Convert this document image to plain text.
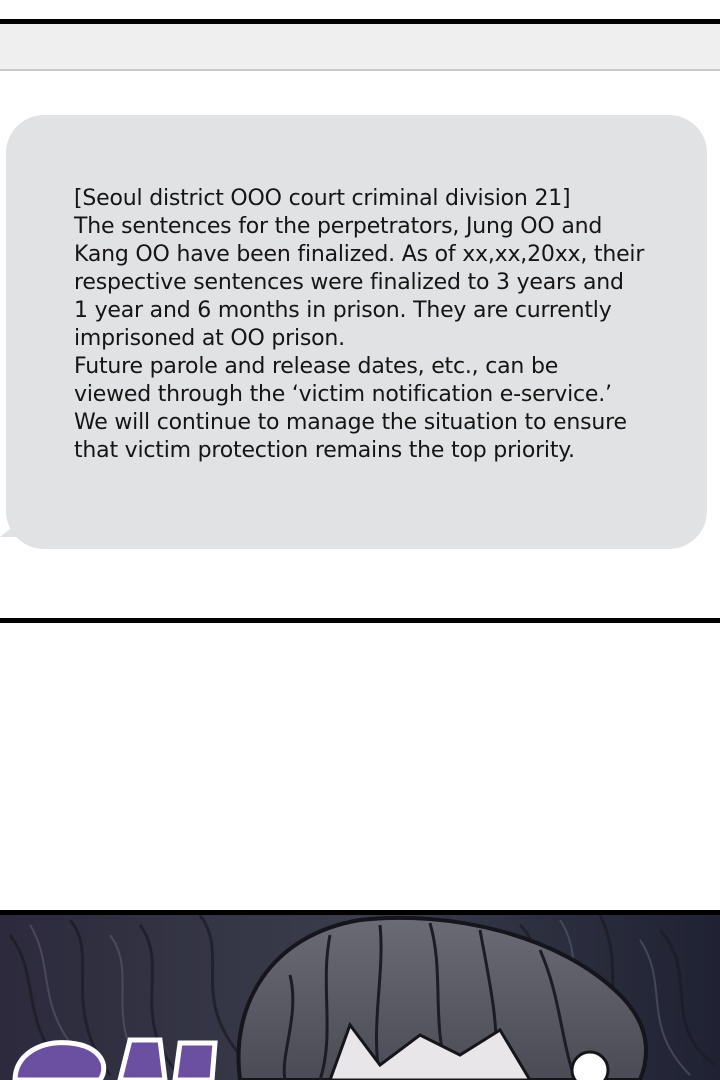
[Seoul district OOO court criminal division 21]
The sentences for the perpetrators, Jung OO and
Kang OO have been finalized. As of xx,xx,20xx, their
respective sentences were finalized to 3 years and
1 year and 6 months in prison. They are currently
imprisoned at OO prison.
Future parole and release dates, etc., can be
viewed through the ‘victim notification e-service.’
We will continue to manage the situation to ensure
that victim protection remains the top priority.
